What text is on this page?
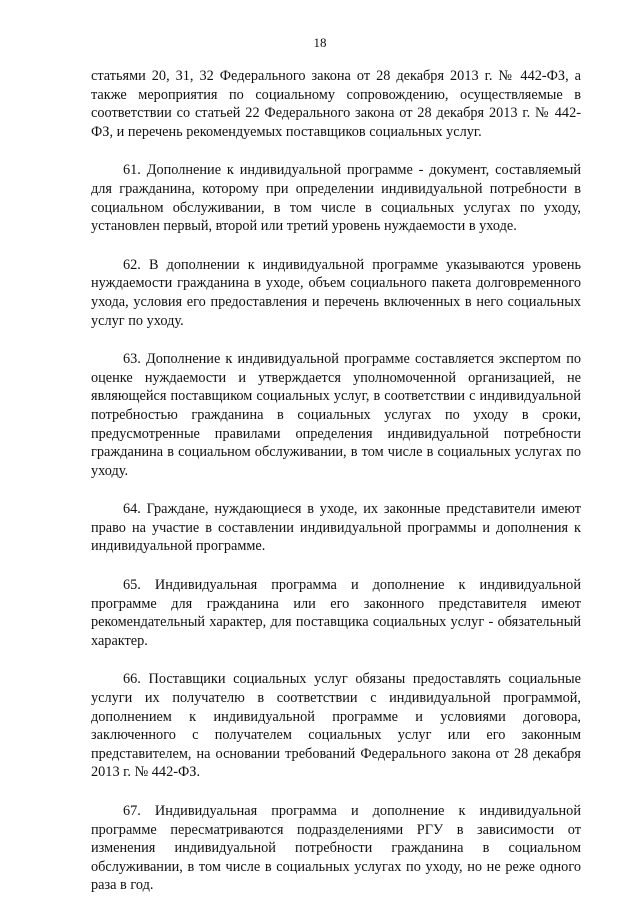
18

статьями 20, 31, 32 Федерального закона от 28 декабря 2013 г. № 442-ФЗ, а также мероприятия по социальному сопровождению, осуществляемые в соответствии со статьей 22 Федерального закона от 28 декабря 2013 г. № 442-ФЗ, и перечень рекомендуемых поставщиков социальных услуг.

61. Дополнение к индивидуальной программе - документ, составляемый для гражданина, которому при определении индивидуальной потребности в социальном обслуживании, в том числе в социальных услугах по уходу, установлен первый, второй или третий уровень нуждаемости в уходе.

62. В дополнении к индивидуальной программе указываются уровень нуждаемости гражданина в уходе, объем социального пакета долговременного ухода, условия его предоставления и перечень включенных в него социальных услуг по уходу.

63. Дополнение к индивидуальной программе составляется экспертом по оценке нуждаемости и утверждается уполномоченной организацией, не являющейся поставщиком социальных услуг, в соответствии с индивидуальной потребностью гражданина в социальных услугах по уходу в сроки, предусмотренные правилами определения индивидуальной потребности гражданина в социальном обслуживании, в том числе в социальных услугах по уходу.

64. Граждане, нуждающиеся в уходе, их законные представители имеют право на участие в составлении индивидуальной программы и дополнения к индивидуальной программе.

65. Индивидуальная программа и дополнение к индивидуальной программе для гражданина или его законного представителя имеют рекомендательный характер, для поставщика социальных услуг - обязательный характер.

66. Поставщики социальных услуг обязаны предоставлять социальные услуги их получателю в соответствии с индивидуальной программой, дополнением к индивидуальной программе и условиями договора, заключенного с получателем социальных услуг или его законным представителем, на основании требований Федерального закона от 28 декабря 2013 г. № 442-ФЗ.

67. Индивидуальная программа и дополнение к индивидуальной программе пересматриваются подразделениями РГУ в зависимости от изменения индивидуальной потребности гражданина в социальном обслуживании, в том числе в социальных услугах по уходу, но не реже одного раза в год.
